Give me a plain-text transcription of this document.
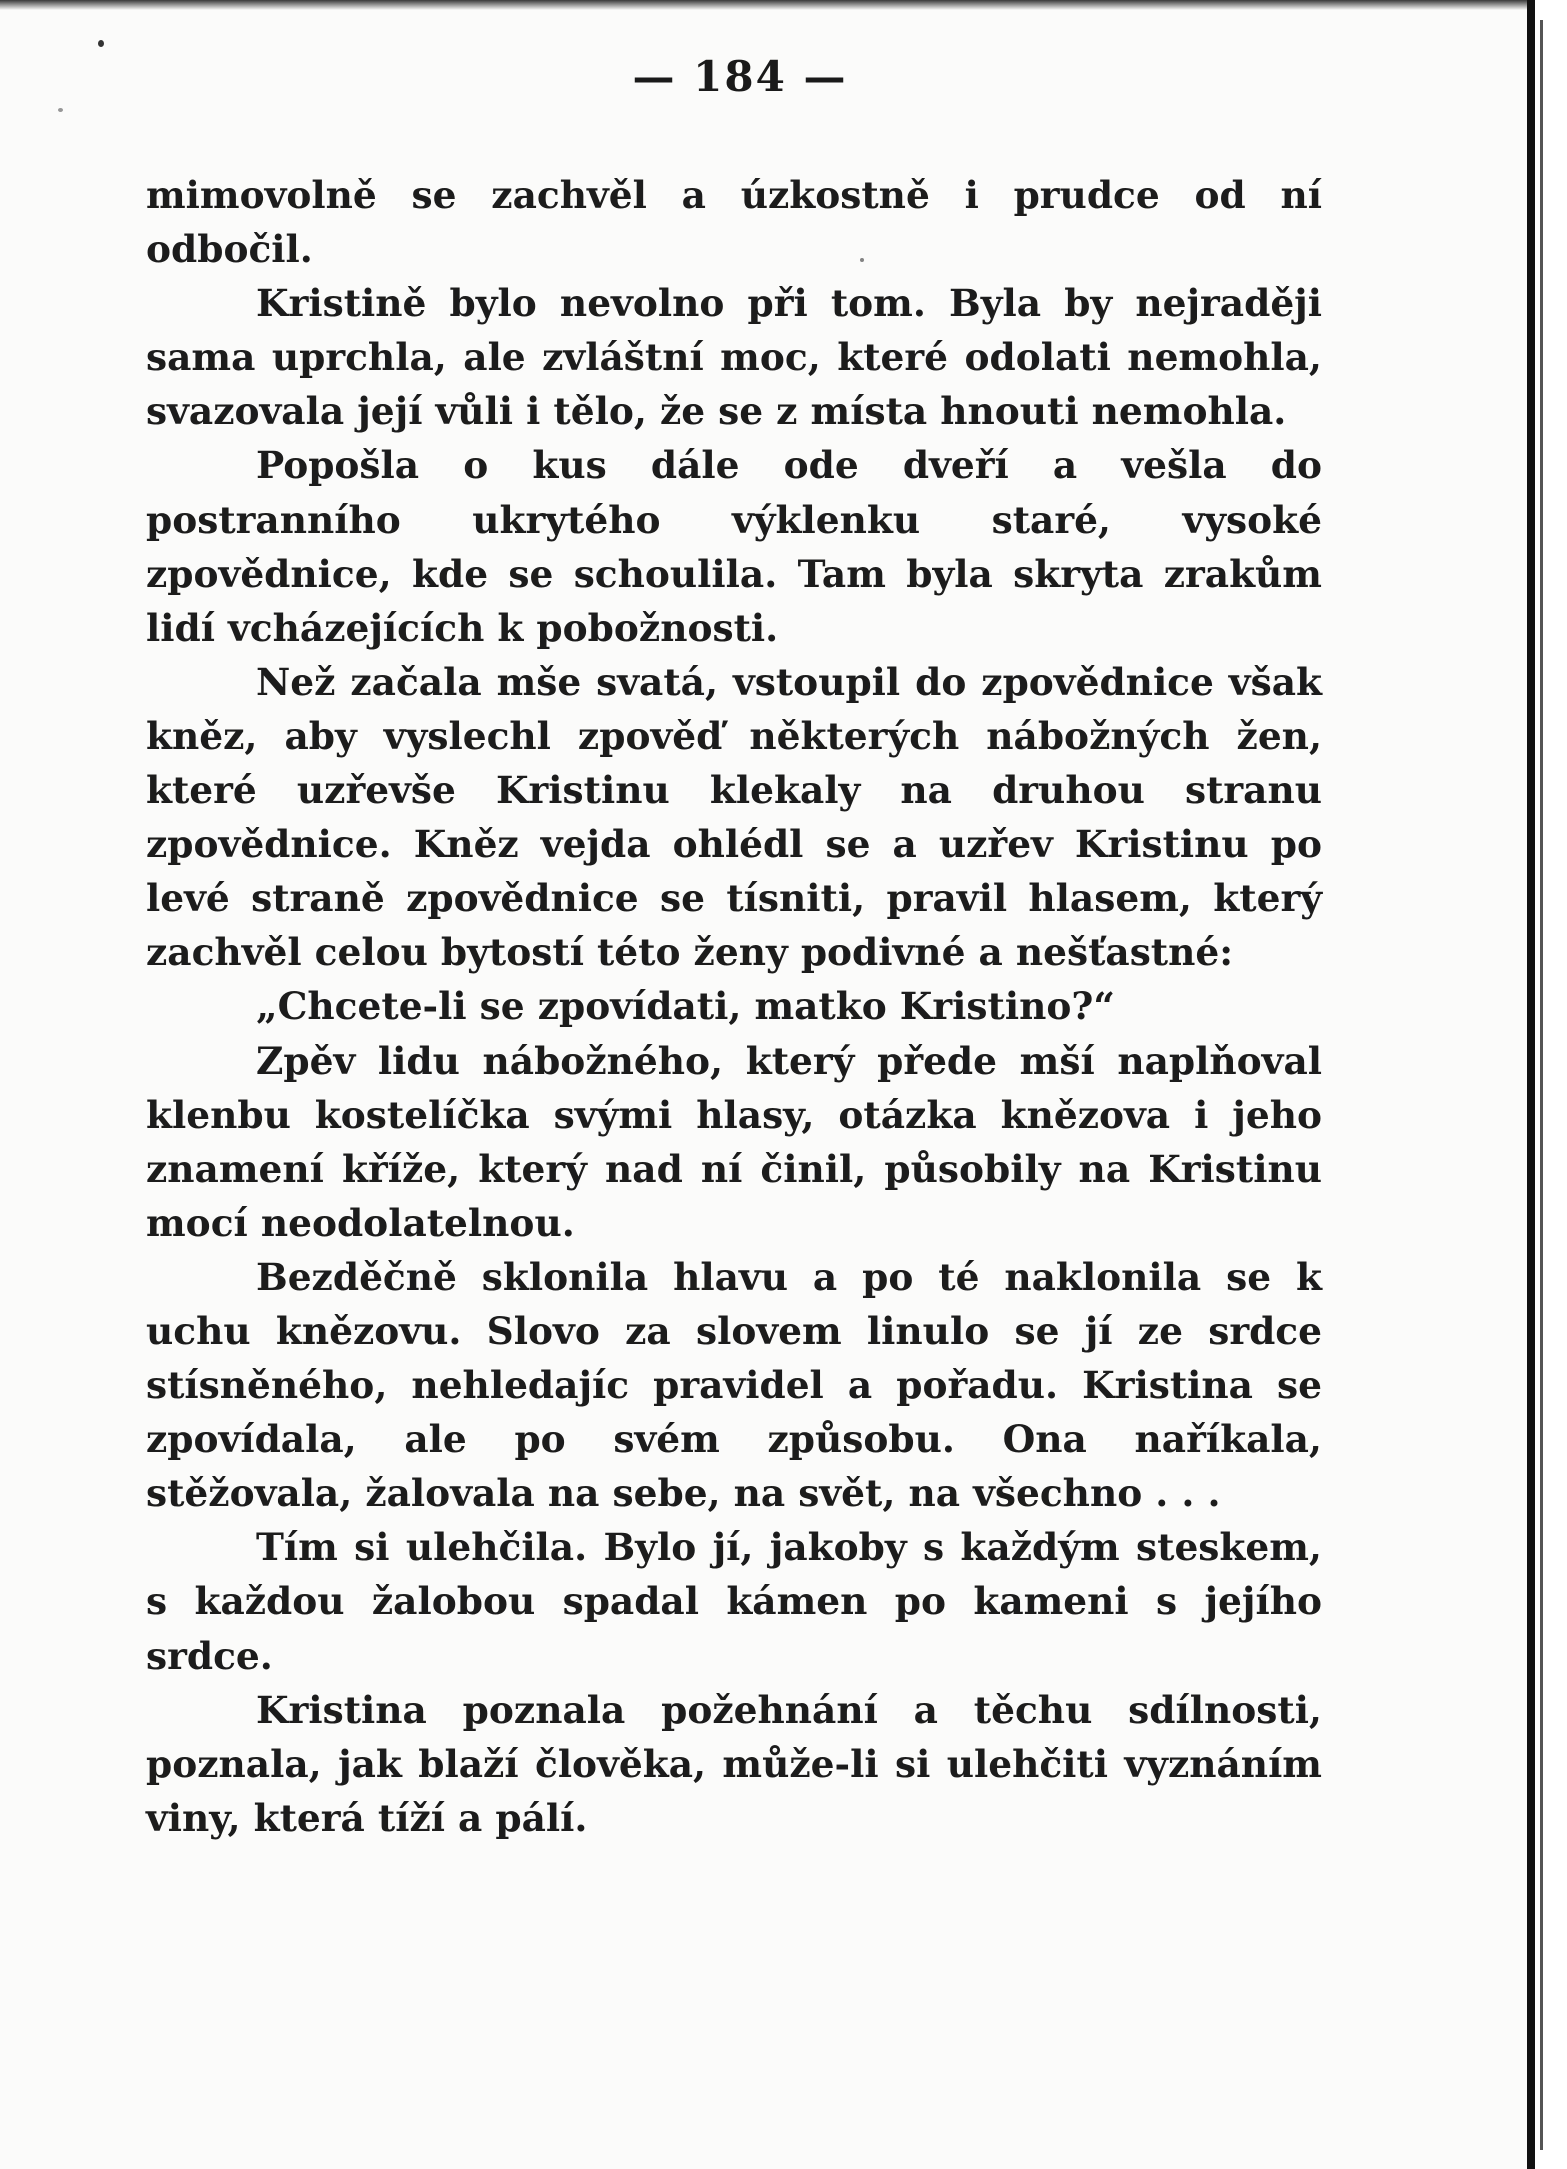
— 184 —

mimovolně se zachvěl a úzkostně i prudce od ní odbočil.

Kristině bylo nevolno při tom. Byla by nejraději sama uprchla, ale zvláštní moc, které odolati nemohla, svazovala její vůli i tělo, že se z místa hnouti nemohla.

Popošla o kus dále ode dveří a vešla do postranního ukrytého výklenku staré, vysoké zpovědnice, kde se schoulila. Tam byla skryta zrakům lidí vcházejících k pobožnosti.

Než začala mše svatá, vstoupil do zpovědnice však kněz, aby vyslechl zpověď některých nábožných žen, které uzřevše Kristinu klekaly na druhou stranu zpovědnice. Kněz vejda ohlédl se a uzřev Kristinu po levé straně zpovědnice se tísniti, pravil hlasem, který zachvěl celou bytostí této ženy podivné a nešťastné:

„Chcete-li se zpovídati, matko Kristino?“

Zpěv lidu nábožného, který přede mší naplňoval klenbu kostelíčka svými hlasy, otázka knězova i jeho znamení kříže, který nad ní činil, působily na Kristinu mocí neodolatelnou.

Bezděčně sklonila hlavu a po té naklonila se k uchu knězovu. Slovo za slovem linulo se jí ze srdce stísněného, nehledajíc pravidel a pořadu. Kristina se zpovídala, ale po svém způsobu. Ona naříkala, stěžovala, žalovala na sebe, na svět, na všechno . . .

Tím si ulehčila. Bylo jí, jakoby s každým steskem, s každou žalobou spadal kámen po kameni s jejího srdce.

Kristina poznala požehnání a těchu sdílnosti, poznala, jak blaží člověka, může-li si ulehčiti vyznáním viny, která tíží a pálí.
